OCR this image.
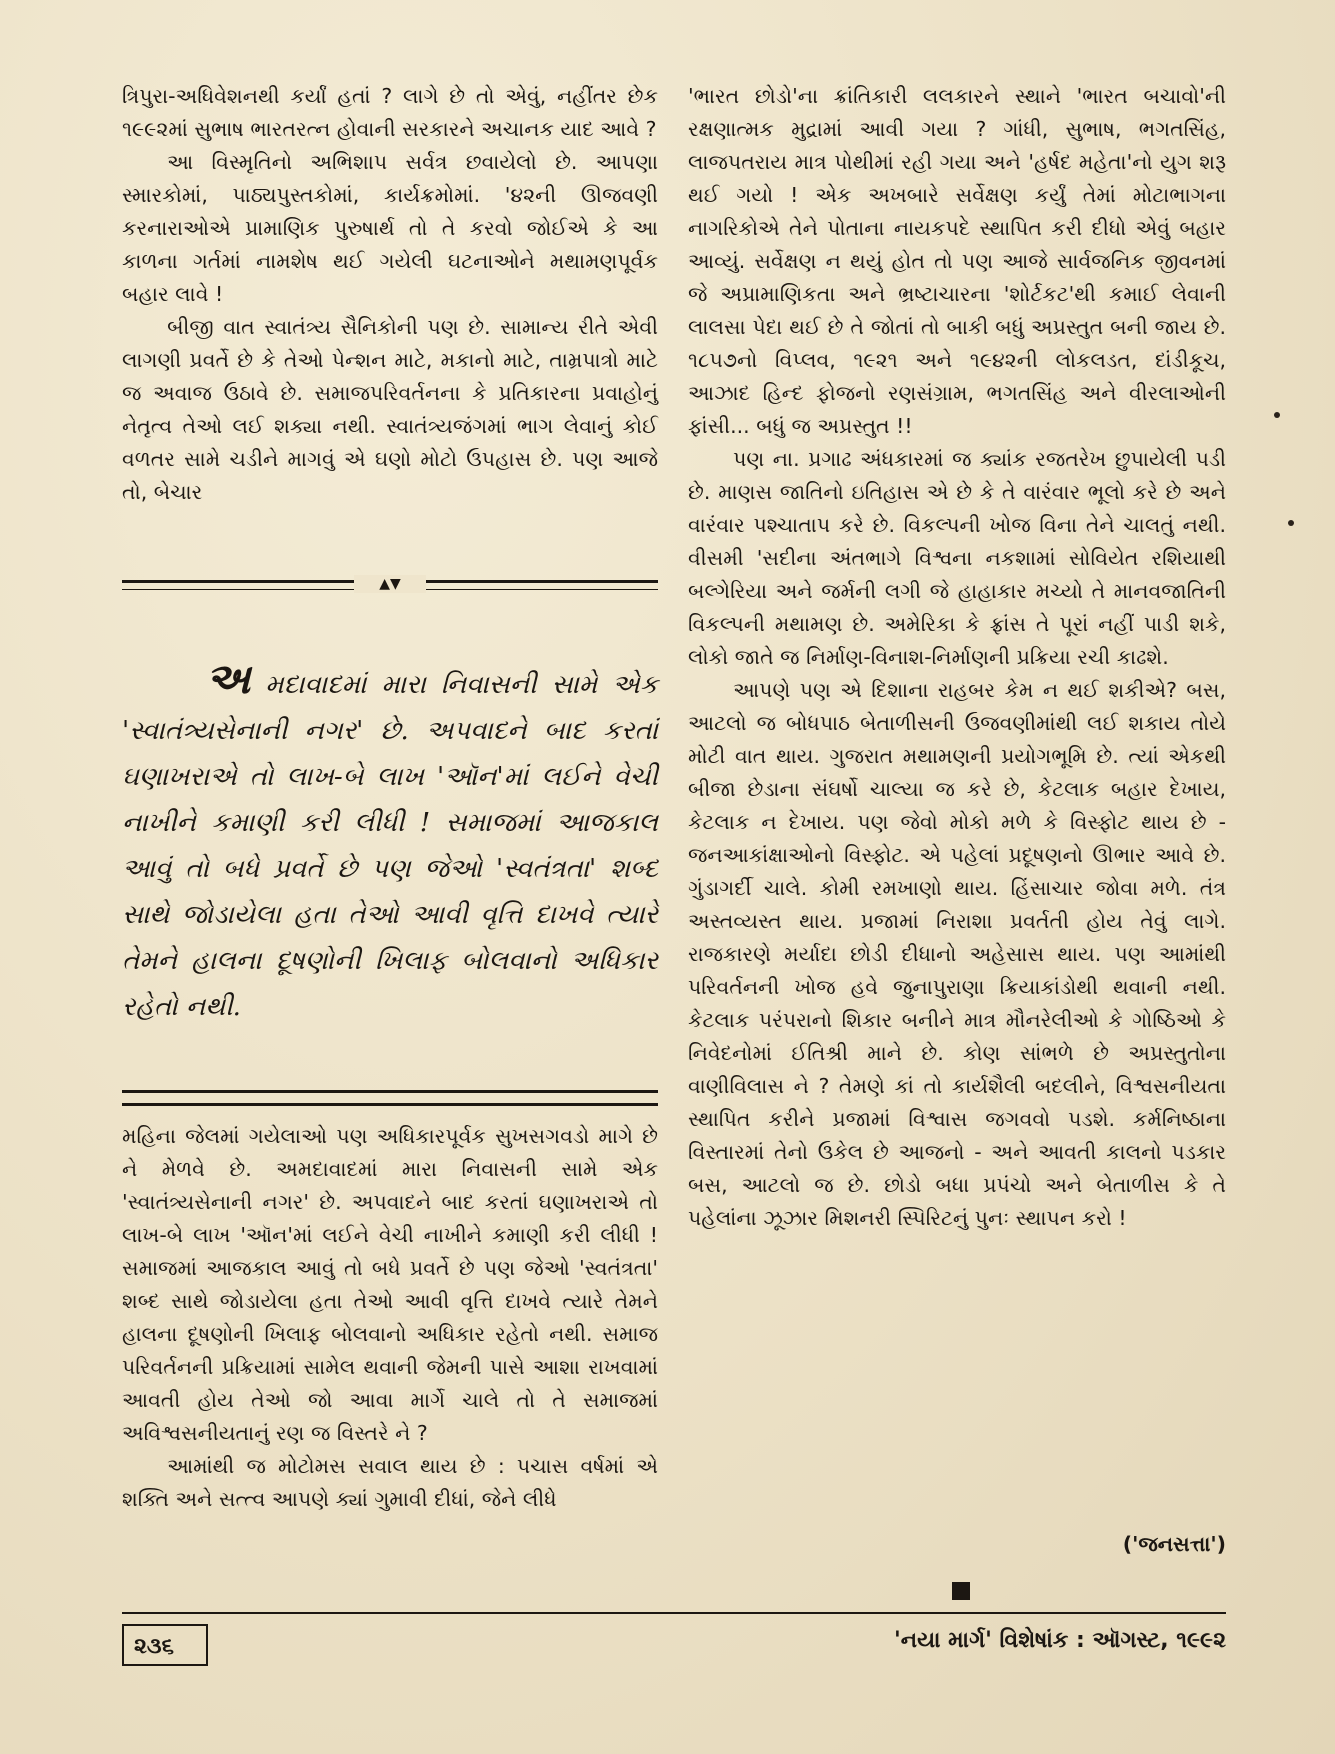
ત્રિપુરા-અધિવેશનથી કર્યાં હતાં ? લાગે છે તો એવું, નહીંતર છેક ૧૯૯૨માં સુભાષ ભારતરત્ન હોવાની સરકારને અચાનક યાદ આવે ?

આ વિસ્મૃતિનો અભિશાપ સર્વત્ર છવાયેલો છે. આપણા સ્મારકોમાં, પાઠ્યપુસ્તકોમાં, કાર્યક્રમોમાં. '૪૨ની ઊજવણી કરનારાઓએ પ્રામાણિક પુરુષાર્થ તો તે કરવો જોઈએ કે આ કાળના ગર્તમાં નામશેષ થઈ ગયેલી ઘટનાઓને મથામણપૂર્વક બહાર લાવે !

બીજી વાત સ્વાતંત્ર્ય સૈનિકોની પણ છે. સામાન્ય રીતે એવી લાગણી પ્રવર્તે છે કે તેઓ પેન્શન માટે, મકાનો માટે, તામ્રપાત્રો માટે જ અવાજ ઉઠાવે છે. સમાજપરિવર્તનના કે પ્રતિકારના પ્રવાહોનું નેતૃત્વ તેઓ લઈ શક્યા નથી. સ્વાતંત્ર્યજંગમાં ભાગ લેવાનું કોઈ વળતર સામે ચડીને માગવું એ ઘણો મોટો ઉપહાસ છે. પણ આજે તો, બેચાર

▲▼
અ મદાવાદમાં મારા નિવાસની સામે એક 'સ્વાતંત્ર્યસેનાની નગર' છે. અપવાદને બાદ કરતાં ઘણાખરાએ તો લાખ-બે લાખ 'ઑન'માં લઈને વેચી નાખીને કમાણી કરી લીધી ! સમાજમાં આજકાલ આવું તો બધે પ્રવર્તે છે પણ જેઓ 'સ્વતંત્રતા' શબ્દ સાથે જોડાયેલા હતા તેઓ આવી વૃત્તિ દાખવે ત્યારે તેમને હાલના દૂષણોની ખિલાફ બોલવાનો અધિકાર રહેતો નથી.

મહિના જેલમાં ગયેલાઓ પણ અધિકારપૂર્વક સુખસગવડો માગે છે ને મેળવે છે. અમદાવાદમાં મારા નિવાસની સામે એક 'સ્વાતંત્ર્યસેનાની નગર' છે. અપવાદને બાદ કરતાં ઘણાખરાએ તો લાખ-બે લાખ 'ઑન'માં લઈને વેચી નાખીને કમાણી કરી લીધી ! સમાજમાં આજકાલ આવું તો બધે પ્રવર્તે છે પણ જેઓ 'સ્વતંત્રતા' શબ્દ સાથે જોડાયેલા હતા તેઓ આવી વૃત્તિ દાખવે ત્યારે તેમને હાલના દૂષણોની ખિલાફ બોલવાનો અધિકાર રહેતો નથી. સમાજ પરિવર્તનની પ્રક્રિયામાં સામેલ થવાની જેમની પાસે આશા રાખવામાં આવતી હોય તેઓ જો આવા માર્ગે ચાલે તો તે સમાજમાં અવિશ્વસનીયતાનું રણ જ વિસ્તરે ને ?

આમાંથી જ મોટોમસ સવાલ થાય છે : પચાસ વર્ષમાં એ શક્તિ અને સત્ત્વ આપણે ક્યાં ગુમાવી દીધાં, જેને લીધે

'ભારત છોડો'ના ક્રાંતિકારી લલકારને સ્થાને 'ભારત બચાવો'ની રક્ષણાત્મક મુદ્રામાં આવી ગયા ? ગાંધી, સુભાષ, ભગતસિંહ, લાજપતરાય માત્ર પોથીમાં રહી ગયા અને 'હર્ષદ મહેતા'નો યુગ શરૂ થઈ ગયો ! એક અખબારે સર્વેક્ષણ કર્યું તેમાં મોટાભાગના નાગરિકોએ તેને પોતાના નાયકપદે સ્થાપિત કરી દીધો એવું બહાર આવ્યું. સર્વેક્ષણ ન થયું હોત તો પણ આજે સાર્વજનિક જીવનમાં જે અપ્રામાણિકતા અને ભ્રષ્ટાચારના 'શોર્ટકટ'થી કમાઈ લેવાની લાલસા પેદા થઈ છે તે જોતાં તો બાકી બધું અપ્રસ્તુત બની જાય છે. ૧૮૫૭નો વિપ્લવ, ૧૯૨૧ અને ૧૯૪૨ની લોકલડત, દાંડીકૂચ, આઝાદ હિન્દ ફોજનો રણસંગ્રામ, ભગતસિંહ અને વીરલાઓની ફાંસી... બધું જ અપ્રસ્તુત !!

પણ ના. પ્રગાઢ અંધકારમાં જ ક્યાંક રજતરેખ છુપાયેલી પડી છે. માણસ જાતિનો ઇતિહાસ એ છે કે તે વારંવાર ભૂલો કરે છે અને વારંવાર પશ્ચાતાપ કરે છે. વિકલ્પની ખોજ વિના તેને ચાલતું નથી. વીસમી 'સદીના અંતભાગે વિશ્વના નકશામાં સોવિયેત રશિયાથી બલ્ગેરિયા અને જર્મની લગી જે હાહાકાર મચ્યો તે માનવજાતિની વિકલ્પની મથામણ છે. અમેરિકા કે ફ્રાંસ તે પૂરાં નહીં પાડી શકે, લોકો જાતે જ નિર્માણ-વિનાશ-નિર્માણની પ્રક્રિયા રચી કાઢશે.

આપણે પણ એ દિશાના રાહબર કેમ ન થઈ શકીએ? બસ, આટલો જ બોધપાઠ બેતાળીસની ઉજવણીમાંથી લઈ શકાય તોયે મોટી વાત થાય. ગુજરાત મથામણની પ્રયોગભૂમિ છે. ત્યાં એકથી બીજા છેડાના સંઘર્ષો ચાલ્યા જ કરે છે, કેટલાક બહાર દેખાય, કેટલાક ન દેખાય. પણ જેવો મોકો મળે કે વિસ્ફોટ થાય છે - જનઆકાંક્ષાઓનો વિસ્ફોટ. એ પહેલાં પ્રદૂષણનો ઊભાર આવે છે. ગુંડાગર્દી ચાલે. કોમી રમખાણો થાય. હિંસાચાર જોવા મળે. તંત્ર અસ્તવ્યસ્ત થાય. પ્રજામાં નિરાશા પ્રવર્તતી હોય તેવું લાગે. રાજકારણે મર્યાદા છોડી દીધાનો અહેસાસ થાય. પણ આમાંથી પરિવર્તનની ખોજ હવે જુનાપુરાણા ક્રિયાકાંડોથી થવાની નથી. કેટલાક પરંપરાનો શિકાર બનીને માત્ર મૌનરેલીઓ કે ગોષ્ઠિઓ કે નિવેદનોમાં ઈતિશ્રી માને છે. કોણ સાંભળે છે અપ્રસ્તુતોના વાણીવિલાસ ને ? તેમણે કાં તો કાર્યશૈલી બદલીને, વિશ્વસનીયતા સ્થાપિત કરીને પ્રજામાં વિશ્વાસ જગવવો પડશે. કર્મનિષ્ઠાના વિસ્તારમાં તેનો ઉકેલ છે આજનો - અને આવતી કાલનો પડકાર બસ, આટલો જ છે. છોડો બધા પ્રપંચો અને બેતાળીસ કે તે પહેલાંના ઝૂઝાર મિશનરી સ્પિરિટનું પુનઃ સ્થાપન કરો !

('જનસત્તા')
૨૩૬	'નયા માર્ગ' વિશેષાંક : ઑગસ્ટ, ૧૯૯૨
